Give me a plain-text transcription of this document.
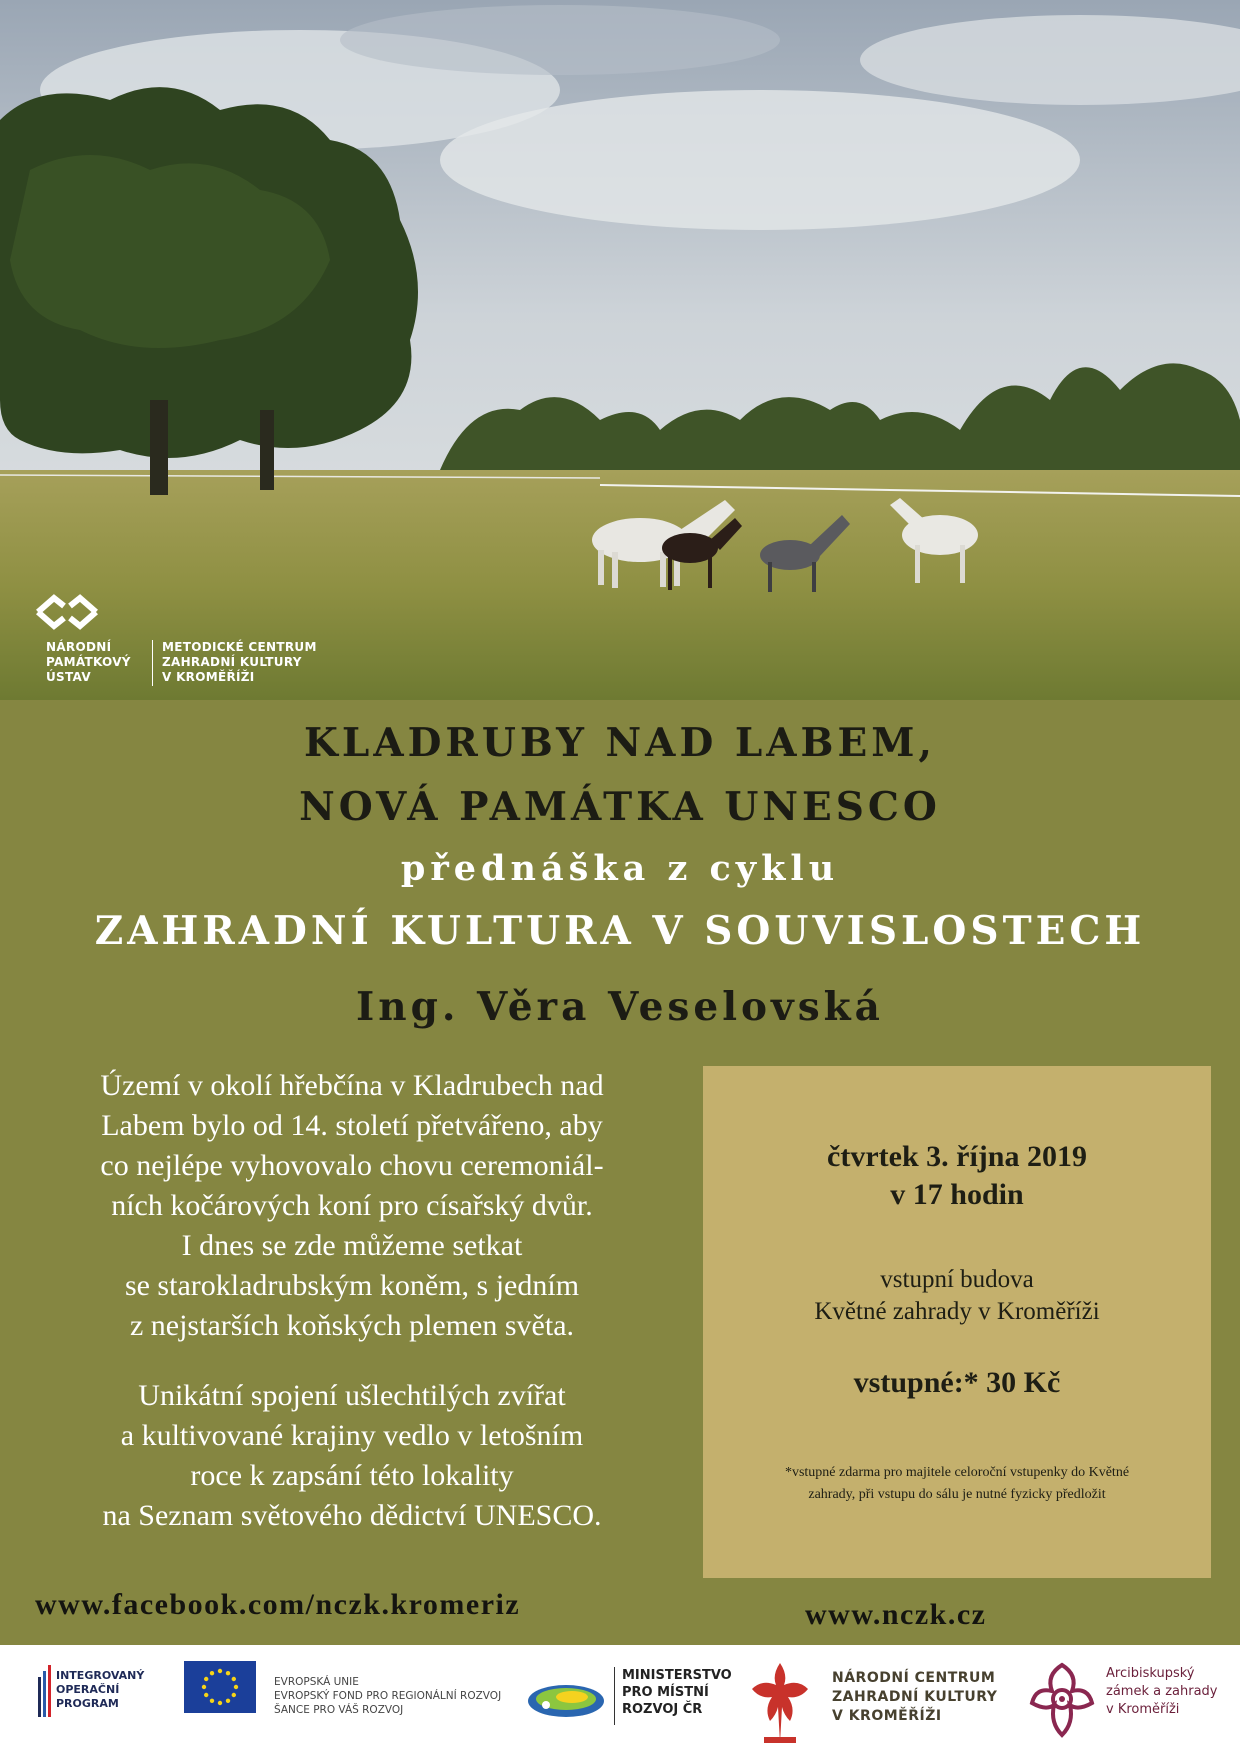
NÁRODNÍ
PAMÁTKOVÝ
ÚSTAV
METODICKÉ CENTRUM
ZAHRADNÍ KULTURY
V KROMĚŘÍŽI
KLADRUBY NAD LABEM,
NOVÁ PAMÁTKA UNESCO
přednáška z cyklu
ZAHRADNÍ KULTURA V SOUVISLOSTECH
Ing. Věra Veselovská
Území v okolí hřebčína v Kladrubech nad
Labem bylo od 14. století přetvářeno, aby
co nejlépe vyhovovalo chovu ceremoniál-
ních kočárových koní pro císařský dvůr.
I dnes se zde můžeme setkat
se starokladrubským koněm, s jedním
z nejstarších koňských plemen světa.
Unikátní spojení ušlechtilých zvířat
a kultivované krajiny vedlo v letošním
roce k zapsání této lokality
na Seznam světového dědictví UNESCO.
čtvrtek 3. října 2019
v 17 hodin
vstupní budova
Květné zahrady v Kroměříži
vstupné:* 30 Kč
*vstupné zdarma pro majitele celoroční vstupenky do Květné
zahrady, při vstupu do sálu je nutné fyzicky předložit
www.facebook.com/nczk.kromeriz	www.nczk.cz
INTEGROVANÝ
OPERAČNÍ
PROGRAM
EVROPSKÁ UNIE
EVROPSKÝ FOND PRO REGIONÁLNÍ ROZVOJ
ŠANCE PRO VÁŠ ROZVOJ
MINISTERSTVO
PRO MÍSTNÍ
ROZVOJ ČR
NÁRODNÍ CENTRUM
ZAHRADNÍ KULTURY
V KROMĚŘÍŽI
Arcibiskupský
zámek a zahrady
v Kroměříži
